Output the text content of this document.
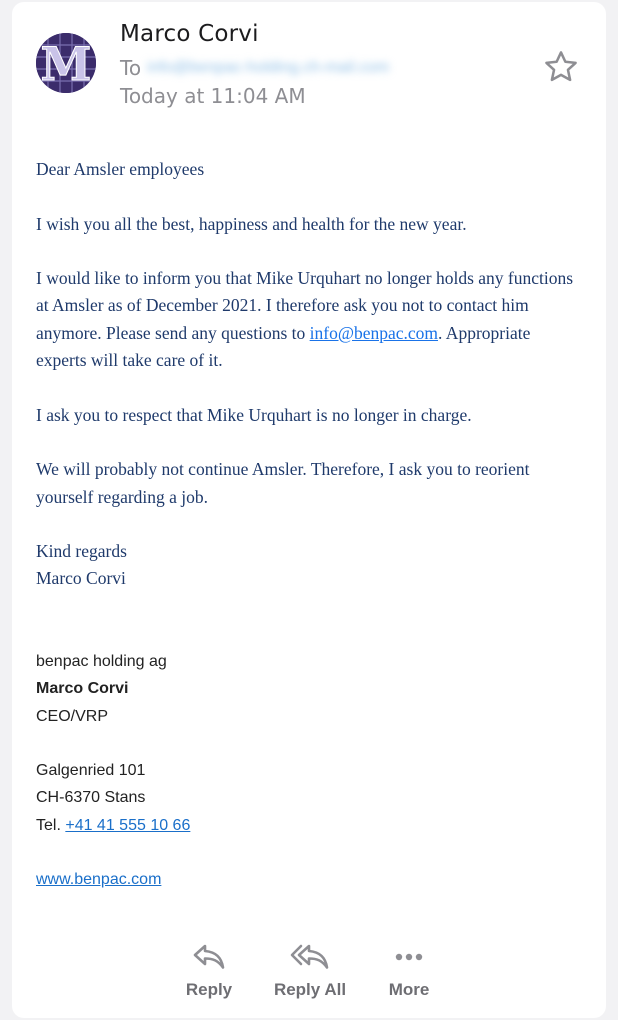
M
Marco Corvi
To info@benpac-holding.ch-mail.com
Today at 11:04 AM

Dear Amsler employees

I wish you all the best, happiness and health for the new year.

I would like to inform you that Mike Urquhart no longer holds any functions at Amsler as of December 2021. I therefore ask you not to contact him anymore. Please send any questions to info@benpac.com. Appropriate experts will take care of it.

I ask you to respect that Mike Urquhart is no longer in charge.

We will probably not continue Amsler. Therefore, I ask you to reorient yourself regarding a job.

Kind regards
Marco Corvi
benpac holding ag
Marco Corvi
CEO/VRP
Galgenried 101
CH-6370 Stans
Tel. +41 41 555 10 66
www.benpac.com
Reply Reply All	More
